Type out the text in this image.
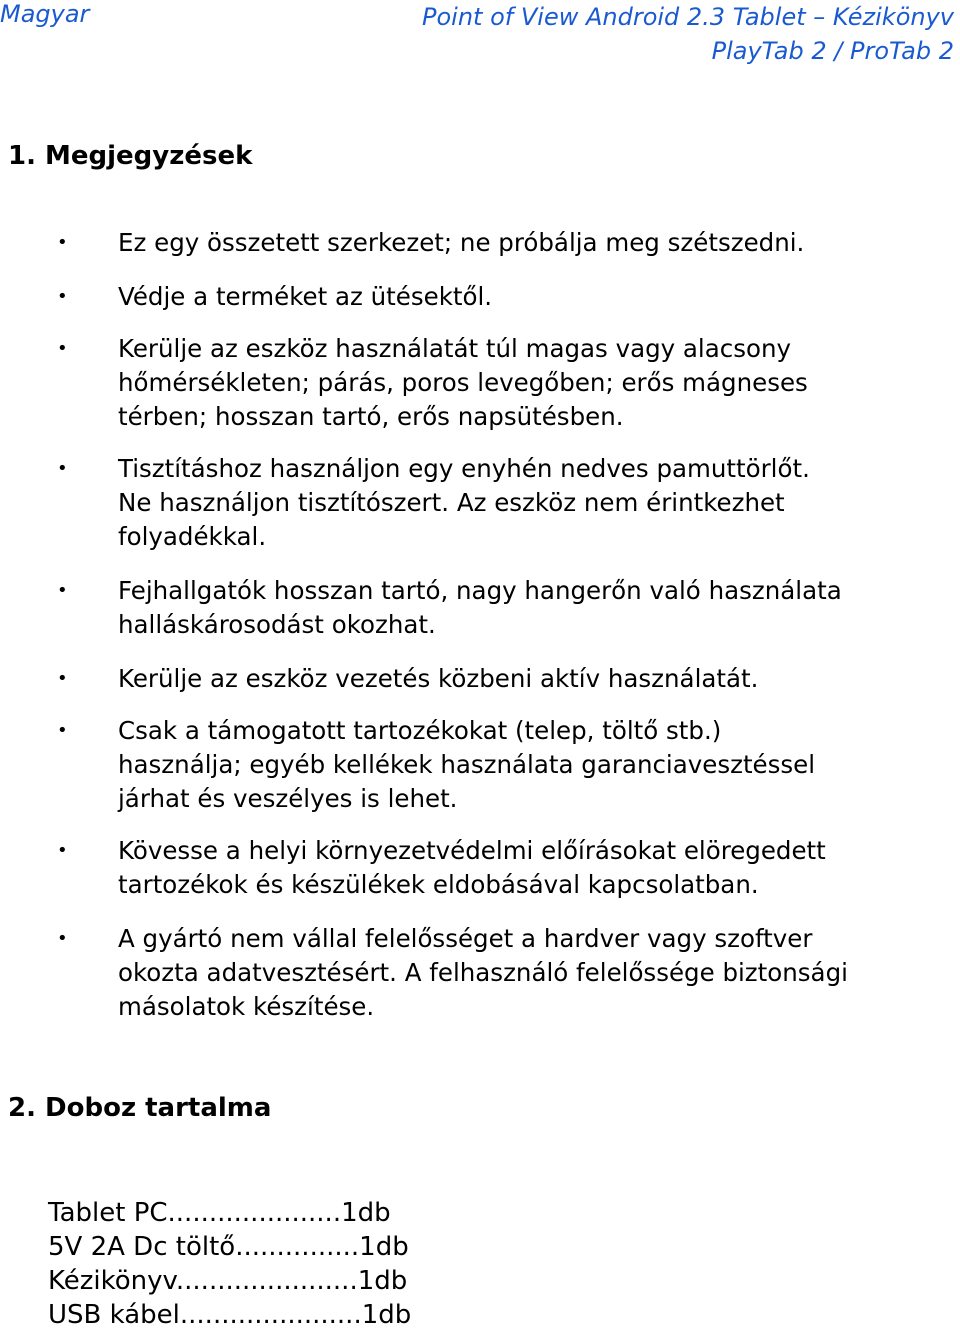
Magyar	Point of View Android 2.3 Tablet – Kézikönyv
PlayTab 2 / ProTab 2
1. Megjegyzések
• Ez egy összetett szerkezet; ne próbálja meg szétszedni.
• Védje a terméket az ütésektől.
• Kerülje az eszköz használatát túl magas vagy alacsony
hőmérsékleten; párás, poros levegőben; erős mágneses
térben; hosszan tartó, erős napsütésben.
• Tisztításhoz használjon egy enyhén nedves pamuttörlőt.
Ne használjon tisztítószert. Az eszköz nem érintkezhet
folyadékkal.
• Fejhallgatók hosszan tartó, nagy hangerőn való használata
halláskárosodást okozhat.
• Kerülje az eszköz vezetés közbeni aktív használatát.
• Csak a támogatott tartozékokat (telep, töltő stb.)
használja; egyéb kellékek használata garanciavesztéssel
járhat és veszélyes is lehet.
• Kövesse a helyi környezetvédelmi előírásokat elöregedett
tartozékok és készülékek eldobásával kapcsolatban.
• A gyártó nem vállal felelősséget a hardver vagy szoftver
okozta adatvesztésért. A felhasználó felelőssége biztonsági
másolatok készítése.
2. Doboz tartalma
Tablet PC.....................1db
5V 2A Dc töltő...............1db
Kézikönyv......................1db
USB kábel......................1db
